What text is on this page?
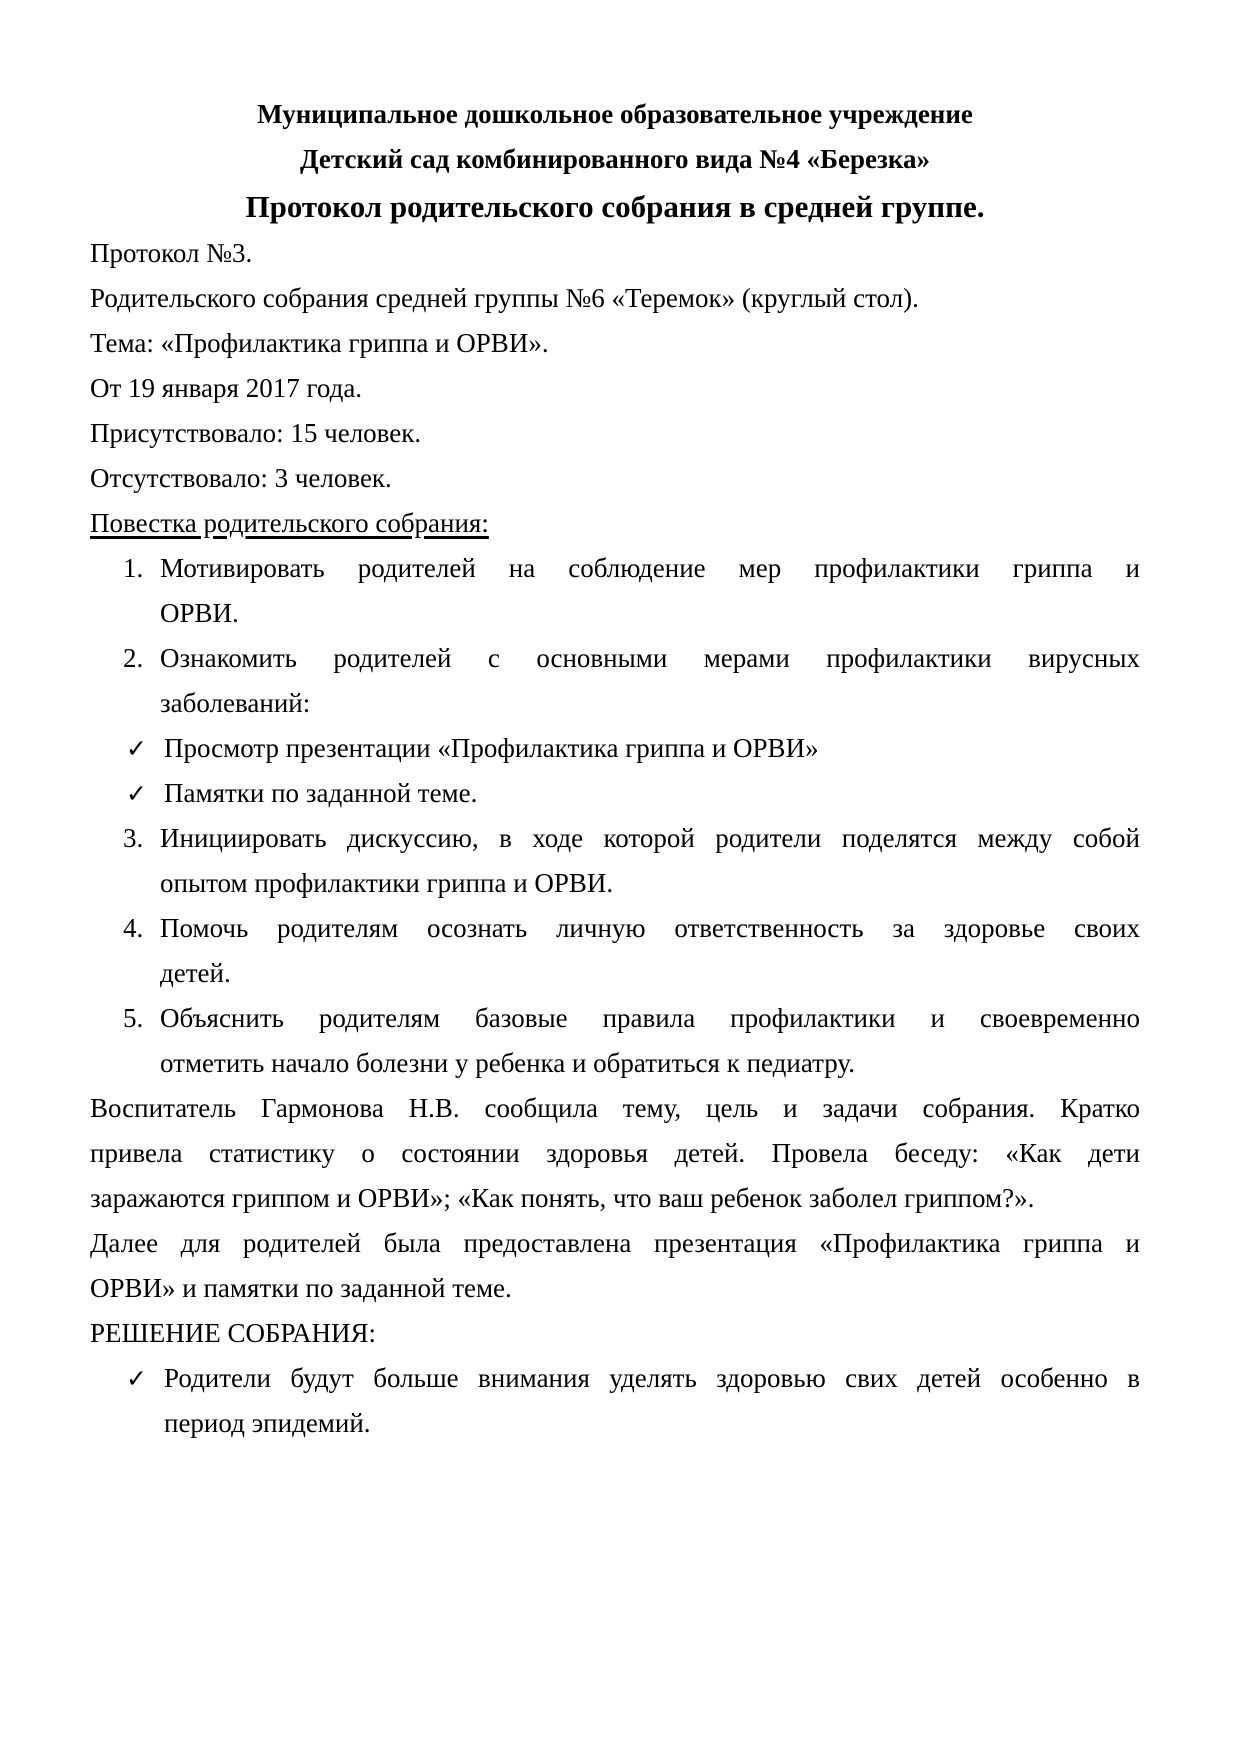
Муниципальное дошкольное образовательное учреждение
Детский сад комбинированного вида №4 «Березка»
Протокол родительского собрания в средней группе.
Протокол №3.
Родительского собрания средней группы №6 «Теремок» (круглый стол).
Тема: «Профилактика гриппа и ОРВИ».
От 19 января 2017 года.
Присутствовало: 15 человек.
Отсутствовало: 3 человек.
Повестка родительского собрания:
1. Мотивировать родителей на соблюдение мер профилактики гриппа и
ОРВИ.
2. Ознакомить родителей с основными мерами профилактики вирусных
заболеваний:
✓ Просмотр презентации «Профилактика гриппа и ОРВИ»
✓ Памятки по заданной теме.
3. Инициировать дискуссию, в ходе которой родители поделятся между собой
опытом профилактики гриппа и ОРВИ.
4. Помочь родителям осознать личную ответственность за здоровье своих
детей.
5. Объяснить родителям базовые правила профилактики и своевременно
отметить начало болезни у ребенка и обратиться к педиатру.
Воспитатель Гармонова Н.В. сообщила тему, цель и задачи собрания. Кратко
привела статистику о состоянии здоровья детей. Провела беседу: «Как дети
заражаются гриппом и ОРВИ»; «Как понять, что ваш ребенок заболел гриппом?».
Далее для родителей была предоставлена презентация «Профилактика гриппа и
ОРВИ» и памятки по заданной теме.
РЕШЕНИЕ СОБРАНИЯ:
✓ Родители будут больше внимания уделять здоровью свих детей особенно в
период эпидемий.
